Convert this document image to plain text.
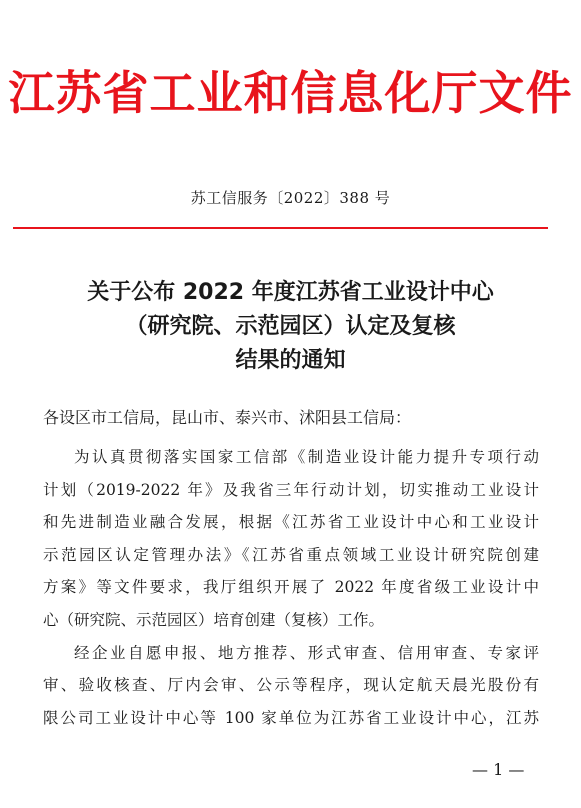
江苏省工业和信息化厅文件
苏工信服务〔2022〕388 号
关于公布 2022 年度江苏省工业设计中心
（研究院、示范园区）认定及复核
结果的通知
各设区市工信局，昆山市、泰兴市、沭阳县工信局：
为认真贯彻落实国家工信部《制造业设计能力提升专项行动
计划（2019-2022 年》及我省三年行动计划，切实推动工业设计
和先进制造业融合发展，根据《江苏省工业设计中心和工业设计
示范园区认定管理办法》《江苏省重点领域工业设计研究院创建
方案》等文件要求，我厅组织开展了 2022 年度省级工业设计中
心（研究院、示范园区）培育创建（复核）工作。
经企业自愿申报、地方推荐、形式审查、信用审查、专家评
审、验收核查、厅内会审、公示等程序，现认定航天晨光股份有
限公司工业设计中心等 100 家单位为江苏省工业设计中心，江苏
— 1 —
